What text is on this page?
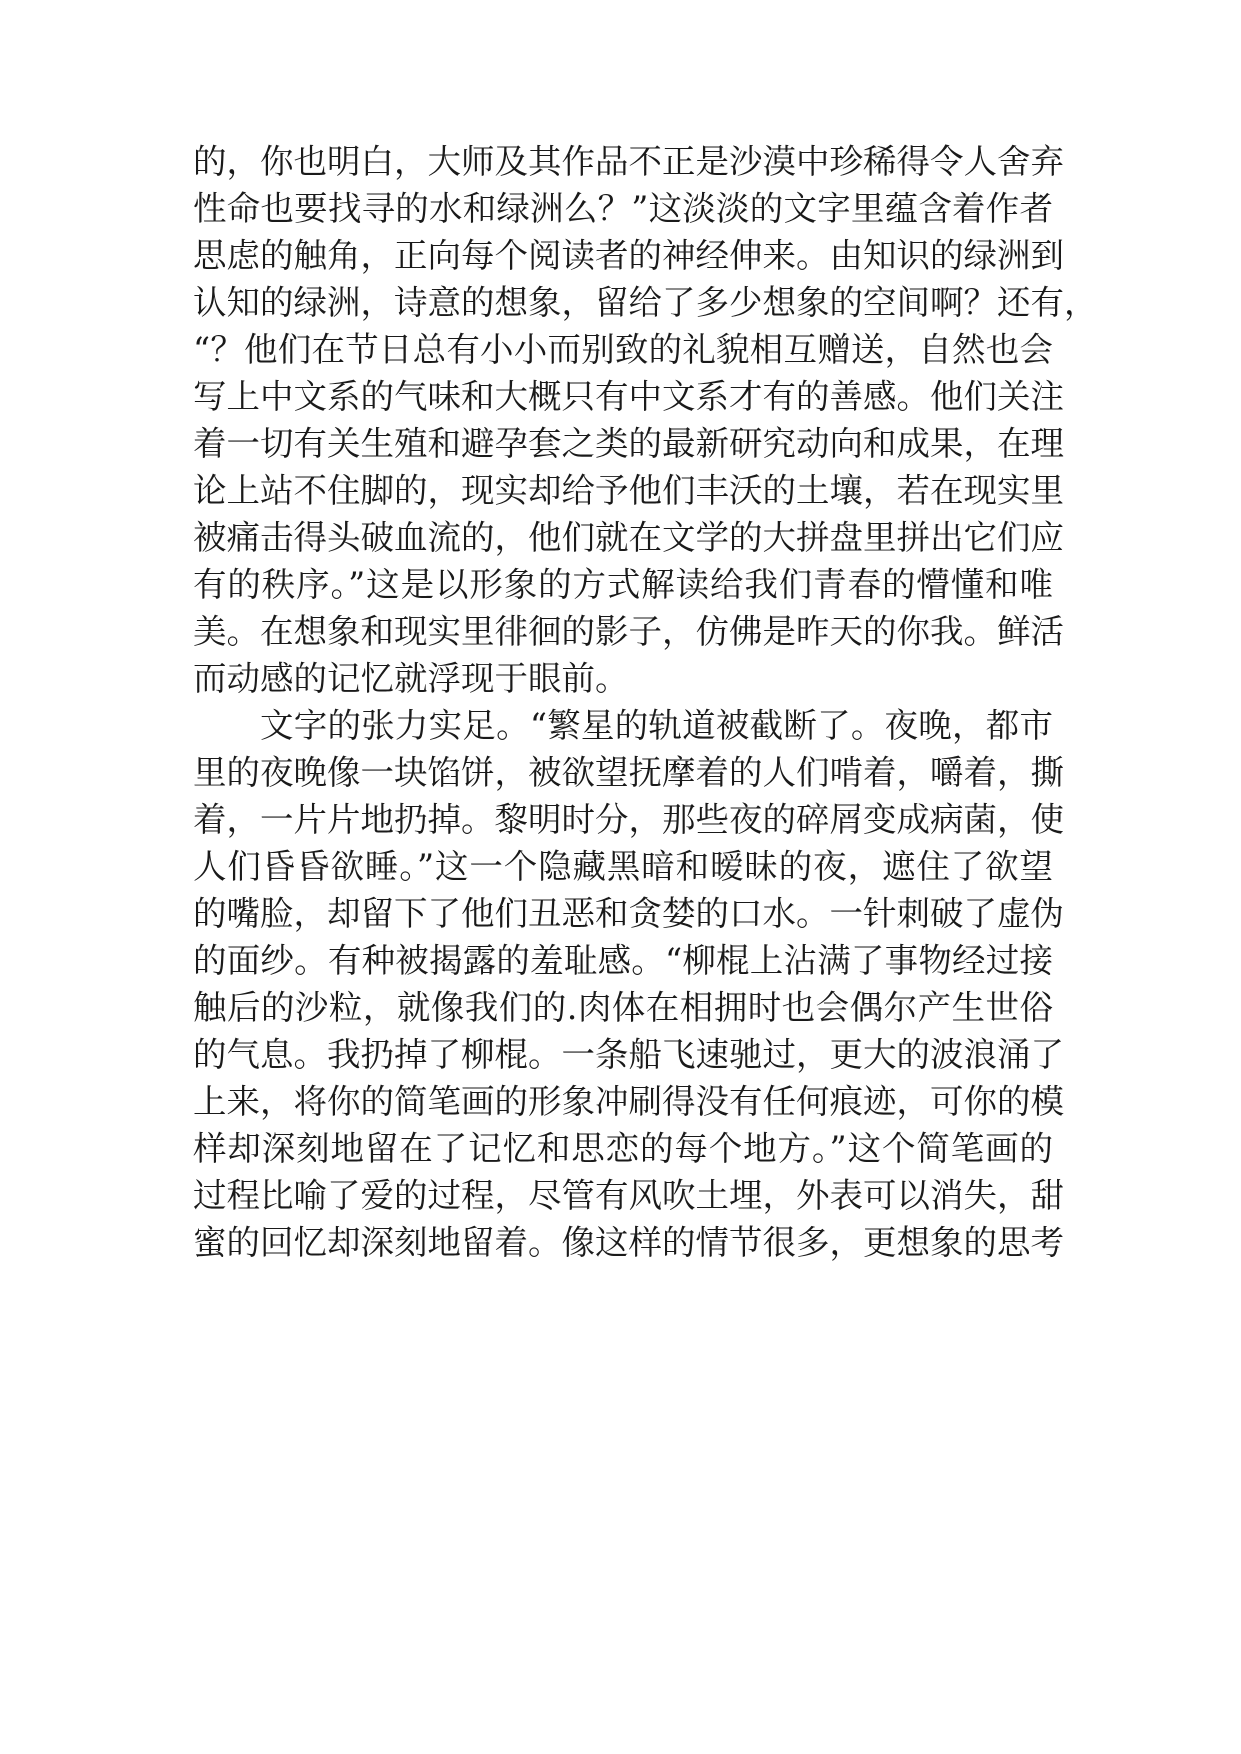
的，你也明白，大师及其作品不正是沙漠中珍稀得令人舍弃
性命也要找寻的水和绿洲么？”这淡淡的文字里蕴含着作者
思虑的触角，正向每个阅读者的神经伸来。由知识的绿洲到
认知的绿洲，诗意的想象，留给了多少想象的空间啊？还有，
“？他们在节日总有小小而别致的礼貌相互赠送，自然也会
写上中文系的气味和大概只有中文系才有的善感。他们关注
着一切有关生殖和避孕套之类的最新研究动向和成果，在理
论上站不住脚的，现实却给予他们丰沃的土壤，若在现实里
被痛击得头破血流的，他们就在文学的大拼盘里拼出它们应
有的秩序。”这是以形象的方式解读给我们青春的懵懂和唯
美。在想象和现实里徘徊的影子，仿佛是昨天的你我。鲜活
而动感的记忆就浮现于眼前。
文字的张力实足。“繁星的轨道被截断了。夜晚，都市
里的夜晚像一块馅饼，被欲望抚摩着的人们啃着，嚼着，撕
着，一片片地扔掉。黎明时分，那些夜的碎屑变成病菌，使
人们昏昏欲睡。”这一个隐藏黑暗和暧昧的夜，遮住了欲望
的嘴脸，却留下了他们丑恶和贪婪的口水。一针刺破了虚伪
的面纱。有种被揭露的羞耻感。“柳棍上沾满了事物经过接
触后的沙粒，就像我们的.肉体在相拥时也会偶尔产生世俗
的气息。我扔掉了柳棍。一条船飞速驰过，更大的波浪涌了
上来，将你的简笔画的形象冲刷得没有任何痕迹，可你的模
样却深刻地留在了记忆和思恋的每个地方。”这个简笔画的
过程比喻了爱的过程，尽管有风吹土埋，外表可以消失，甜
蜜的回忆却深刻地留着。像这样的情节很多，更想象的思考
